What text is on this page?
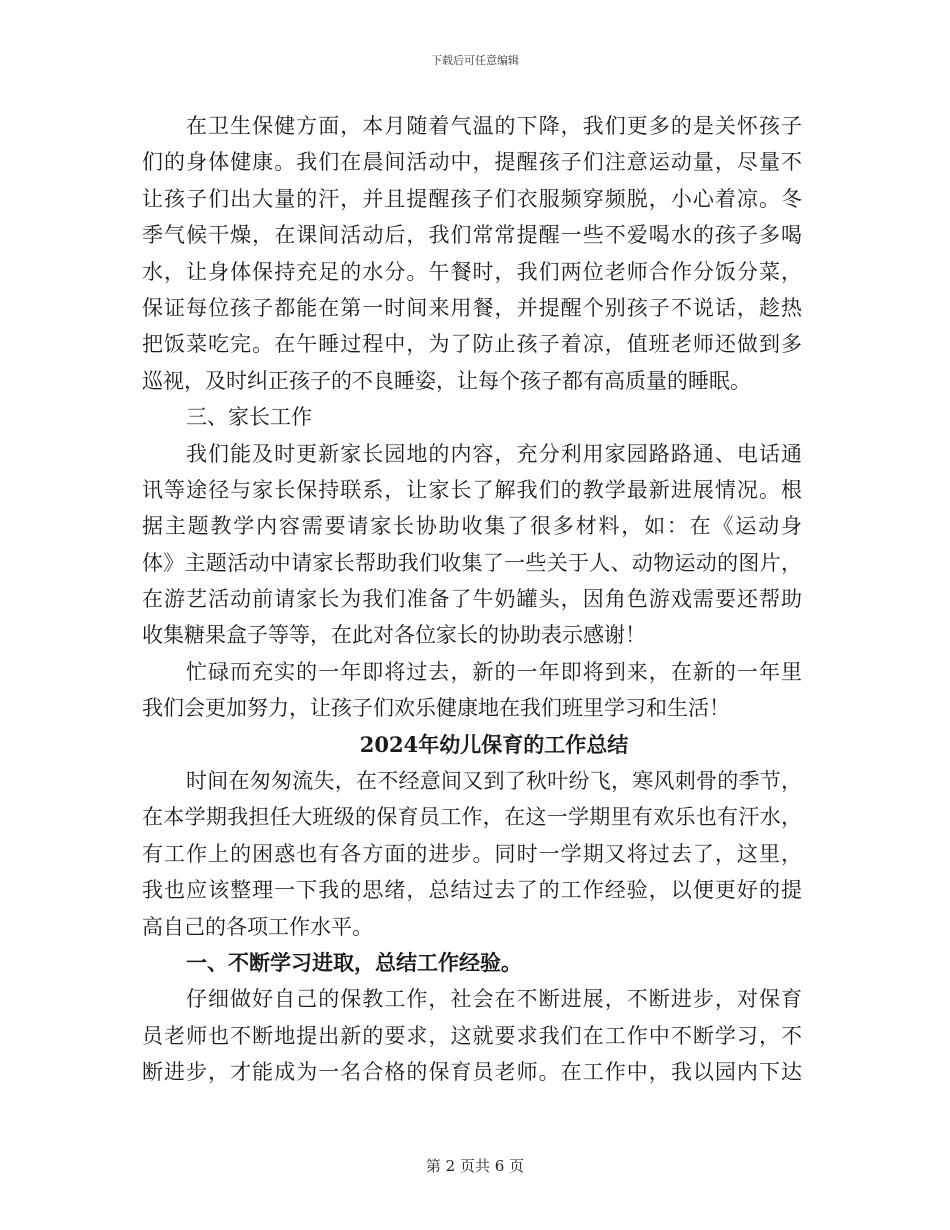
下载后可任意编辑
在卫生保健方面，本月随着气温的下降，我们更多的是关怀孩子
们的身体健康。我们在晨间活动中，提醒孩子们注意运动量，尽量不
让孩子们出大量的汗，并且提醒孩子们衣服频穿频脱，小心着凉。冬
季气候干燥，在课间活动后，我们常常提醒一些不爱喝水的孩子多喝
水，让身体保持充足的水分。午餐时，我们两位老师合作分饭分菜，
保证每位孩子都能在第一时间来用餐，并提醒个别孩子不说话，趁热
把饭菜吃完。在午睡过程中，为了防止孩子着凉，值班老师还做到多
巡视，及时纠正孩子的不良睡姿，让每个孩子都有高质量的睡眠。
三、家长工作
我们能及时更新家长园地的内容，充分利用家园路路通、电话通
讯等途径与家长保持联系，让家长了解我们的教学最新进展情况。根
据主题教学内容需要请家长协助收集了很多材料，如：在《运动身
体》主题活动中请家长帮助我们收集了一些关于人、动物运动的图片，
在游艺活动前请家长为我们准备了牛奶罐头，因角色游戏需要还帮助
收集糖果盒子等等，在此对各位家长的协助表示感谢！
忙碌而充实的一年即将过去，新的一年即将到来，在新的一年里
我们会更加努力，让孩子们欢乐健康地在我们班里学习和生活！
2024年幼儿保育的工作总结
时间在匆匆流失，在不经意间又到了秋叶纷飞，寒风刺骨的季节，
在本学期我担任大班级的保育员工作，在这一学期里有欢乐也有汗水，
有工作上的困惑也有各方面的进步。同时一学期又将过去了，这里，
我也应该整理一下我的思绪，总结过去了的工作经验，以便更好的提
高自己的各项工作水平。
一、不断学习进取，总结工作经验。
仔细做好自己的保教工作，社会在不断进展，不断进步，对保育
员老师也不断地提出新的要求，这就要求我们在工作中不断学习，不
断进步，才能成为一名合格的保育员老师。在工作中，我以园内下达
第 2 页共 6 页
